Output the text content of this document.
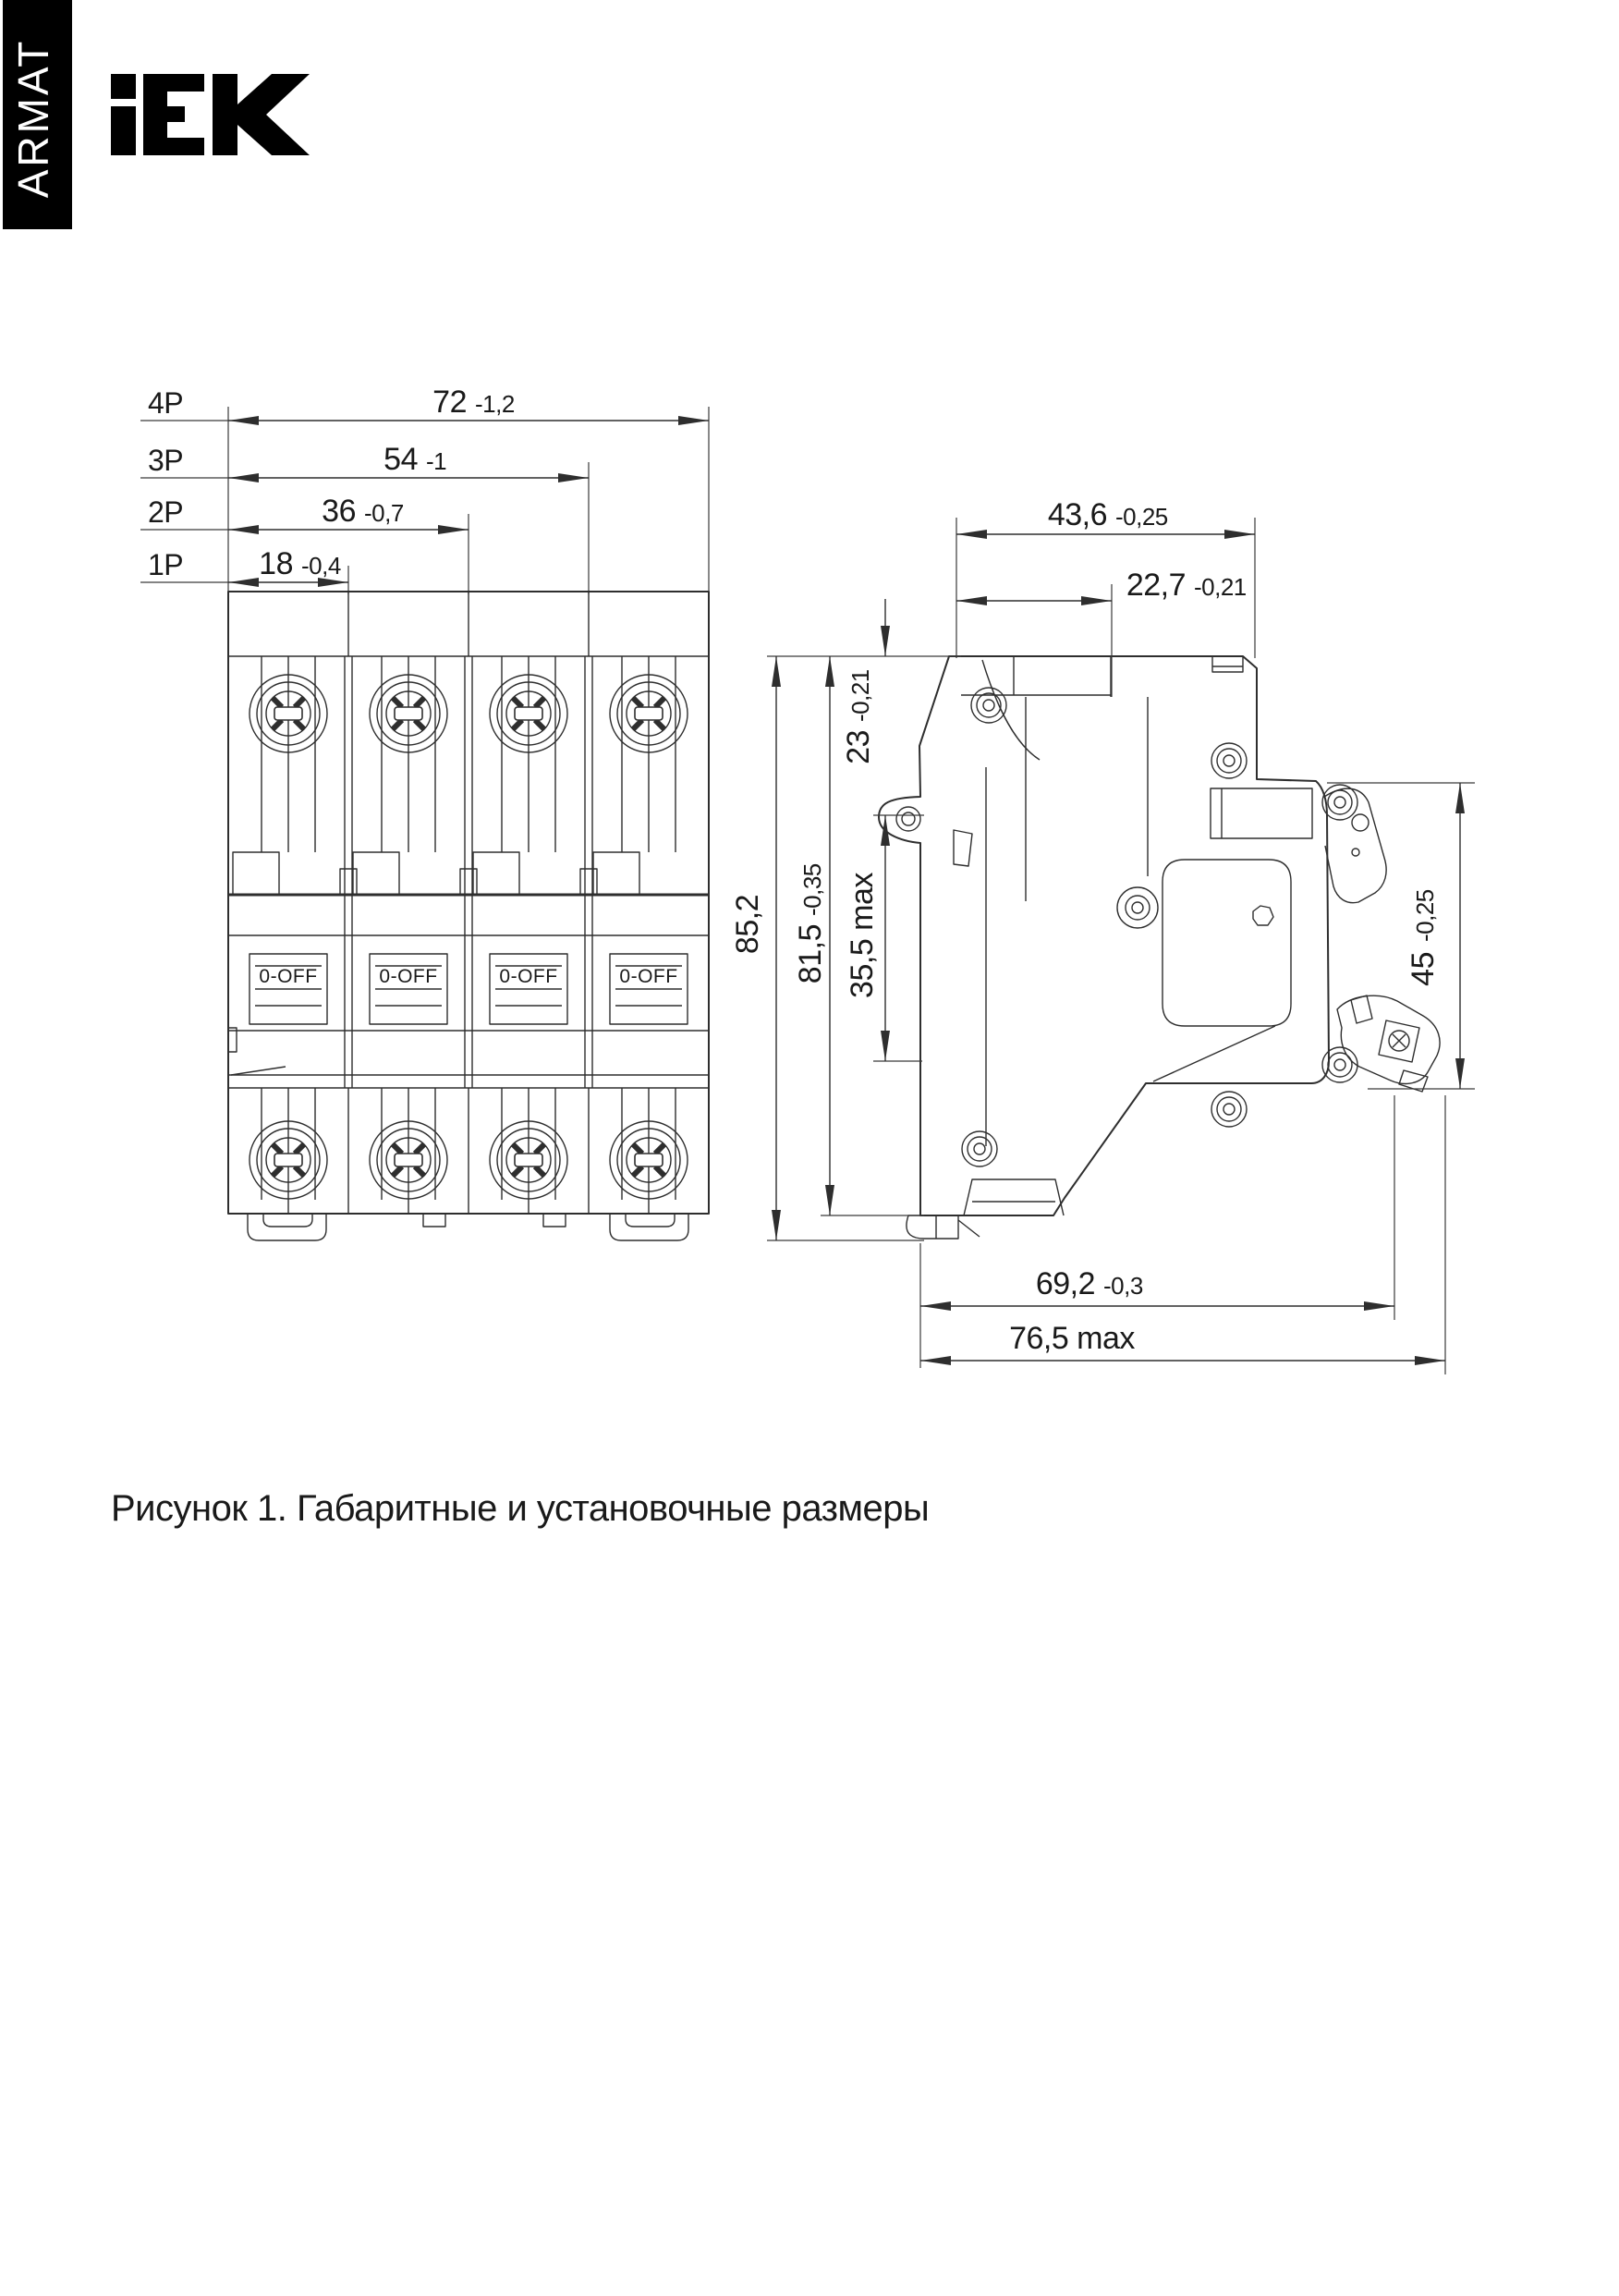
ARMAT
4P
3P
2P
1P
72 -1,2
54 -1
36 -0,7
18 -0,4
0-OFF	0-OFF	0-OFF	0-OFF
43,6 -0,25
22,7 -0,21
85,2 81,5
-0,35
23
-0,21
35,5 max	45
-0,25
69,2 -0,3
76,5 max
Рисунок 1. Габаритные и установочные размеры
